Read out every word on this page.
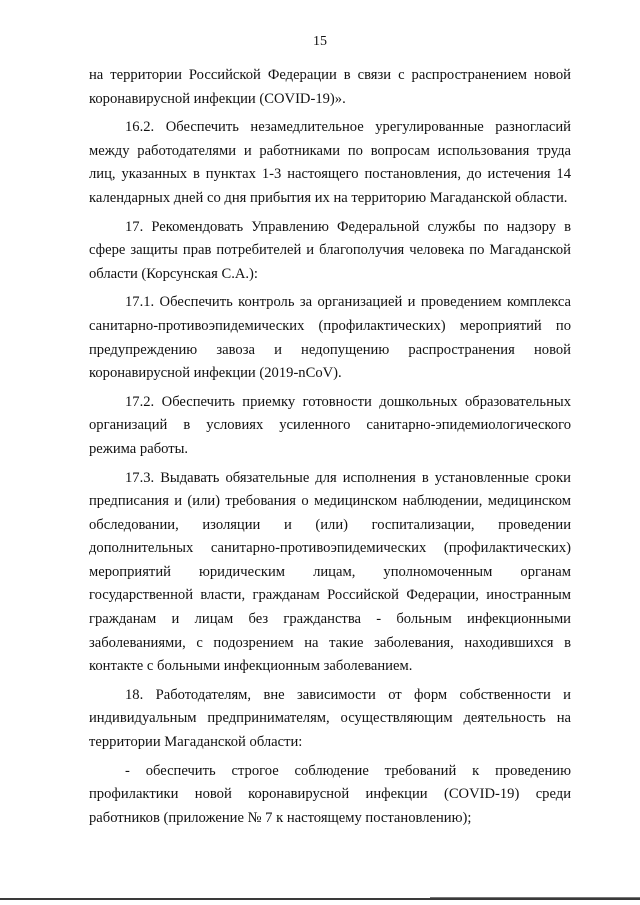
15

на территории Российской Федерации в связи с распространением новой коронавирусной инфекции (COVID-19)».

16.2. Обеспечить незамедлительное урегулированные разногласий между работодателями и работниками по вопросам использования труда лиц, указанных в пунктах 1-3 настоящего постановления, до истечения 14 календарных дней со дня прибытия их на территорию Магаданской области.

17. Рекомендовать Управлению Федеральной службы по надзору в сфере защиты прав потребителей и благополучия человека по Магаданской области (Корсунская С.А.):

17.1. Обеспечить контроль за организацией и проведением комплекса санитарно-противоэпидемических (профилактических) мероприятий по предупреждению завоза и недопущению распространения новой коронавирусной инфекции (2019-nCoV).

17.2. Обеспечить приемку готовности дошкольных образовательных организаций в условиях усиленного санитарно-эпидемиологического режима работы.

17.3. Выдавать обязательные для исполнения в установленные сроки предписания и (или) требования о медицинском наблюдении, медицинском обследовании, изоляции и (или) госпитализации, проведении дополнительных санитарно-противоэпидемических (профилактических) мероприятий юридическим лицам, уполномоченным органам государственной власти, гражданам Российской Федерации, иностранным гражданам и лицам без гражданства - больным инфекционными заболеваниями, с подозрением на такие заболевания, находившихся в контакте с больными инфекционным заболеванием.

18. Работодателям, вне зависимости от форм собственности и индивидуальным предпринимателям, осуществляющим деятельность на территории Магаданской области:

- обеспечить строгое соблюдение требований к проведению профилактики новой коронавирусной инфекции (COVID-19) среди работников (приложение № 7 к настоящему постановлению);
